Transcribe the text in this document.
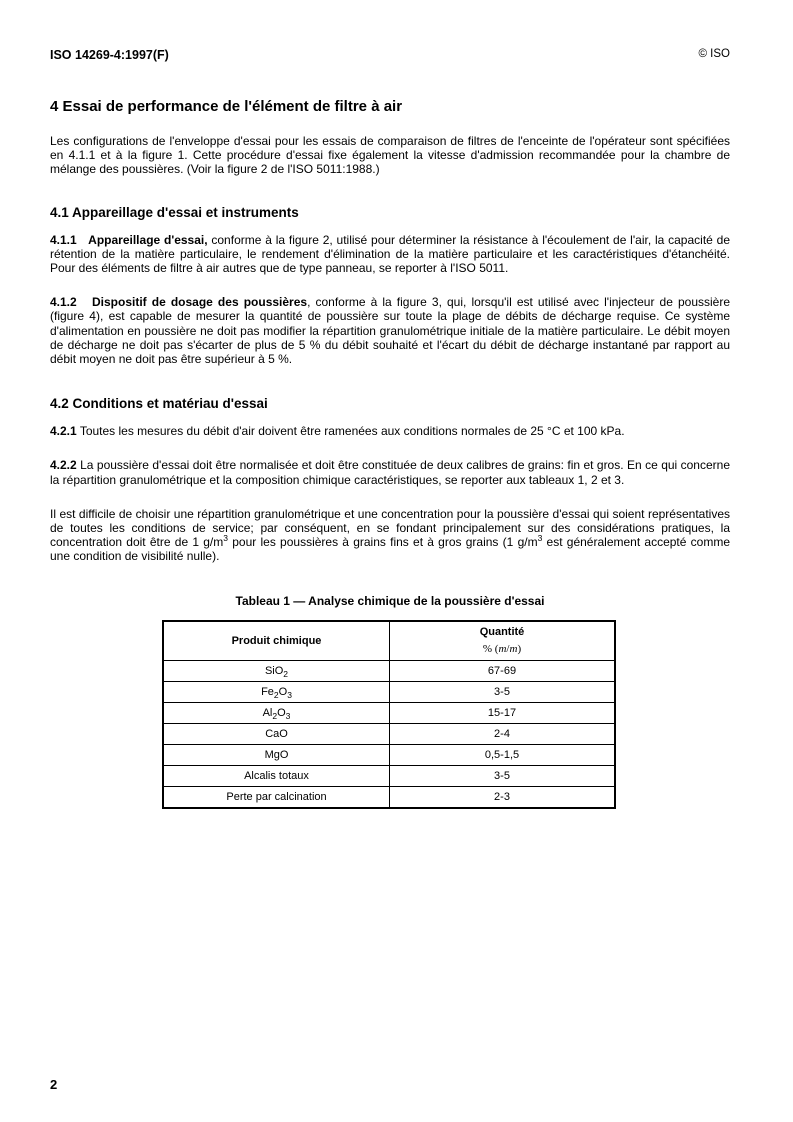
ISO 14269-4:1997(F)	© ISO
4 Essai de performance de l'élément de filtre à air

Les configurations de l'enveloppe d'essai pour les essais de comparaison de filtres de l'enceinte de l'opérateur sont spécifiées en 4.1.1 et à la figure 1. Cette procédure d'essai fixe également la vitesse d'admission recommandée pour la chambre de mélange des poussières. (Voir la figure 2 de l'ISO 5011:1988.)

4.1 Appareillage d'essai et instruments

4.1.1 Appareillage d'essai, conforme à la figure 2, utilisé pour déterminer la résistance à l'écoulement de l'air, la capacité de rétention de la matière particulaire, le rendement d'élimination de la matière particulaire et les caractéristiques d'étanchéité. Pour des éléments de filtre à air autres que de type panneau, se reporter à l'ISO 5011.

4.1.2 Dispositif de dosage des poussières, conforme à la figure 3, qui, lorsqu'il est utilisé avec l'injecteur de poussière (figure 4), est capable de mesurer la quantité de poussière sur toute la plage de débits de décharge requise. Ce système d'alimentation en poussière ne doit pas modifier la répartition granulométrique initiale de la matière particulaire. Le débit moyen de décharge ne doit pas s'écarter de plus de 5 % du débit souhaité et l'écart du débit de décharge instantané par rapport au débit moyen ne doit pas être supérieur à 5 %.

4.2 Conditions et matériau d'essai

4.2.1 Toutes les mesures du débit d'air doivent être ramenées aux conditions normales de 25 °C et 100 kPa.

4.2.2 La poussière d'essai doit être normalisée et doit être constituée de deux calibres de grains: fin et gros. En ce qui concerne la répartition granulométrique et la composition chimique caractéristiques, se reporter aux tableaux 1, 2 et 3.

Il est difficile de choisir une répartition granulométrique et une concentration pour la poussière d'essai qui soient représentatives de toutes les conditions de service; par conséquent, en se fondant principalement sur des considérations pratiques, la concentration doit être de 1 $g/m^3$ pour les poussières à grains fins et à gros grains (1 $g/m^3$ est généralement accepté comme une condition de visibilité nulle).

Tableau 1 — Analyse chimique de la poussière d'essai
Produit chimique	Quantité
% (m/m)

SiO$_2$	67-69
$Fe_2O_3$	3-5
$Al_2O_3$	15-17
CaO	2-4
MgO	0,5-1,5
Alcalis totaux	3-5
Perte par calcination	2-3
2
